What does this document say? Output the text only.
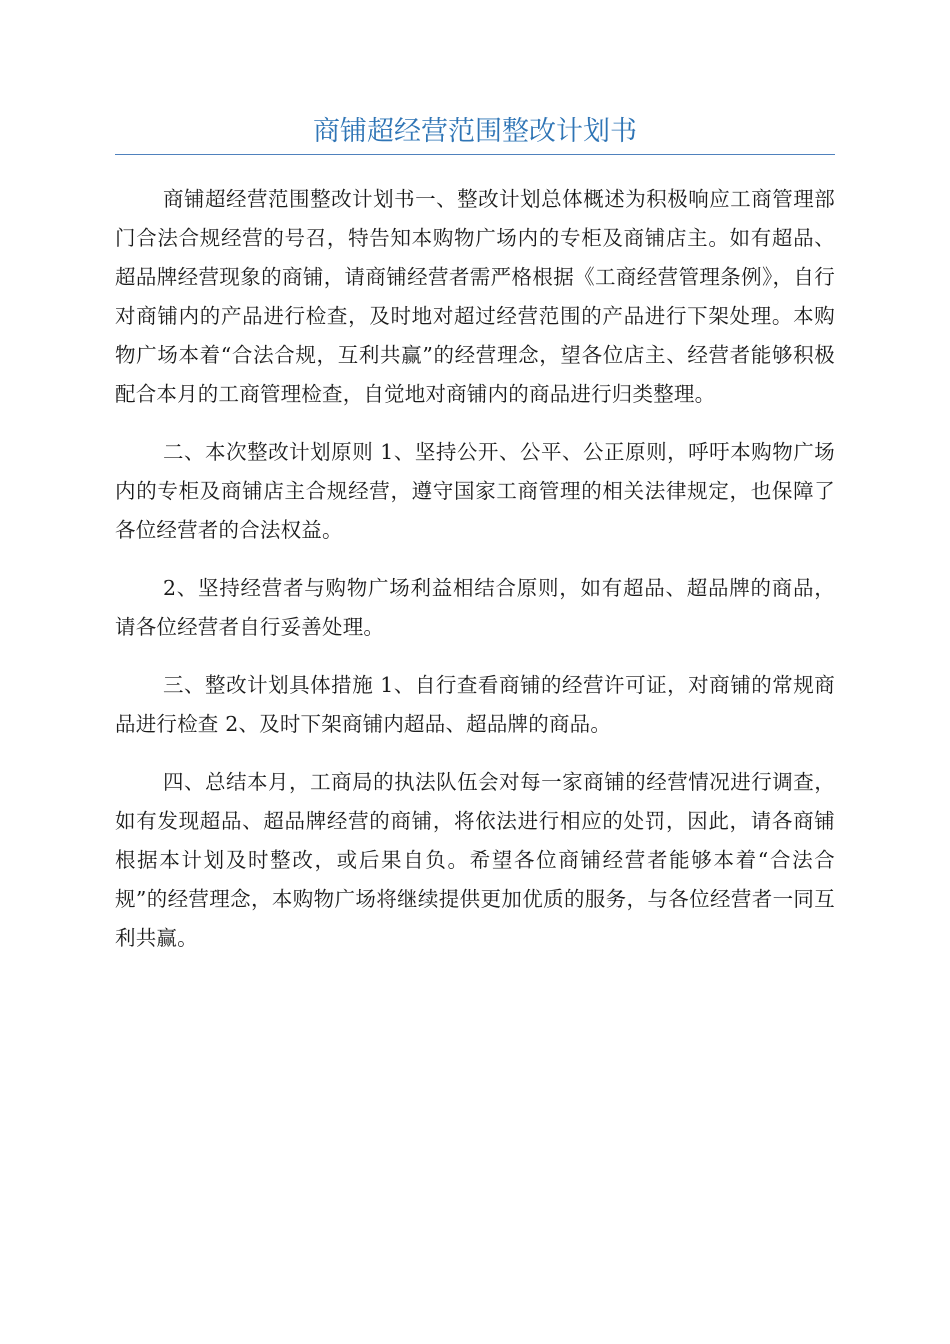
商铺超经营范围整改计划书

商铺超经营范围整改计划书一、整改计划总体概述为积极响应工商管理部门合法合规经营的号召，特告知本购物广场内的专柜及商铺店主。如有超品、超品牌经营现象的商铺，请商铺经营者需严格根据《工商经营管理条例》，自行对商铺内的产品进行检查，及时地对超过经营范围的产品进行下架处理。本购物广场本着“合法合规，互利共赢”的经营理念，望各位店主、经营者能够积极配合本月的工商管理检查，自觉地对商铺内的商品进行归类整理。

二、本次整改计划原则 1、坚持公开、公平、公正原则，呼吁本购物广场内的专柜及商铺店主合规经营，遵守国家工商管理的相关法律规定，也保障了各位经营者的合法权益。

2、坚持经营者与购物广场利益相结合原则，如有超品、超品牌的商品，请各位经营者自行妥善处理。

三、整改计划具体措施 1、自行查看商铺的经营许可证，对商铺的常规商品进行检查 2、及时下架商铺内超品、超品牌的商品。

四、总结本月，工商局的执法队伍会对每一家商铺的经营情况进行调查，如有发现超品、超品牌经营的商铺，将依法进行相应的处罚，因此，请各商铺根据本计划及时整改，或后果自负。希望各位商铺经营者能够本着“合法合规”的经营理念，本购物广场将继续提供更加优质的服务，与各位经营者一同互利共赢。
